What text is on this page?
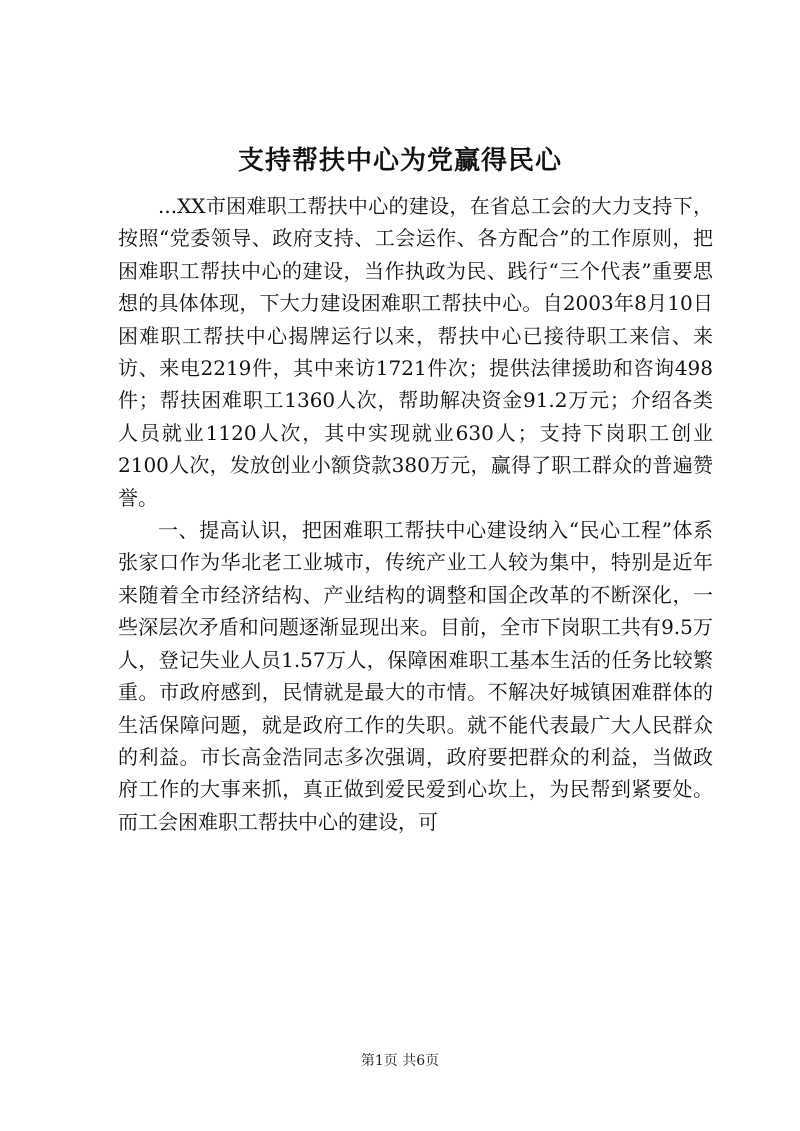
支持帮扶中心为党赢得民心

...XX市困难职工帮扶中心的建设，在省总工会的大力支持下，按照“党委领导、政府支持、工会运作、各方配合”的工作原则，把困难职工帮扶中心的建设，当作执政为民、践行“三个代表”重要思想的具体体现，下大力建设困难职工帮扶中心。自2003年8月10日困难职工帮扶中心揭牌运行以来，帮扶中心已接待职工来信、来访、来电2219件，其中来访1721件次；提供法律援助和咨询498件；帮扶困难职工1360人次，帮助解决资金91.2万元；介绍各类人员就业1120人次，其中实现就业630人；支持下岗职工创业2100人次，发放创业小额贷款380万元，赢得了职工群众的普遍赞誉。

一、提高认识，把困难职工帮扶中心建设纳入“民心工程”体系张家口作为华北老工业城市，传统产业工人较为集中，特别是近年来随着全市经济结构、产业结构的调整和国企改革的不断深化，一些深层次矛盾和问题逐渐显现出来。目前，全市下岗职工共有9.5万人，登记失业人员1.57万人，保障困难职工基本生活的任务比较繁重。市政府感到，民情就是最大的市情。不解决好城镇困难群体的生活保障问题，就是政府工作的失职。就不能代表最广大人民群众的利益。市长高金浩同志多次强调，政府要把群众的利益，当做政府工作的大事来抓，真正做到爱民爱到心坎上，为民帮到紧要处。而工会困难职工帮扶中心的建设，可

第1页 共6页
